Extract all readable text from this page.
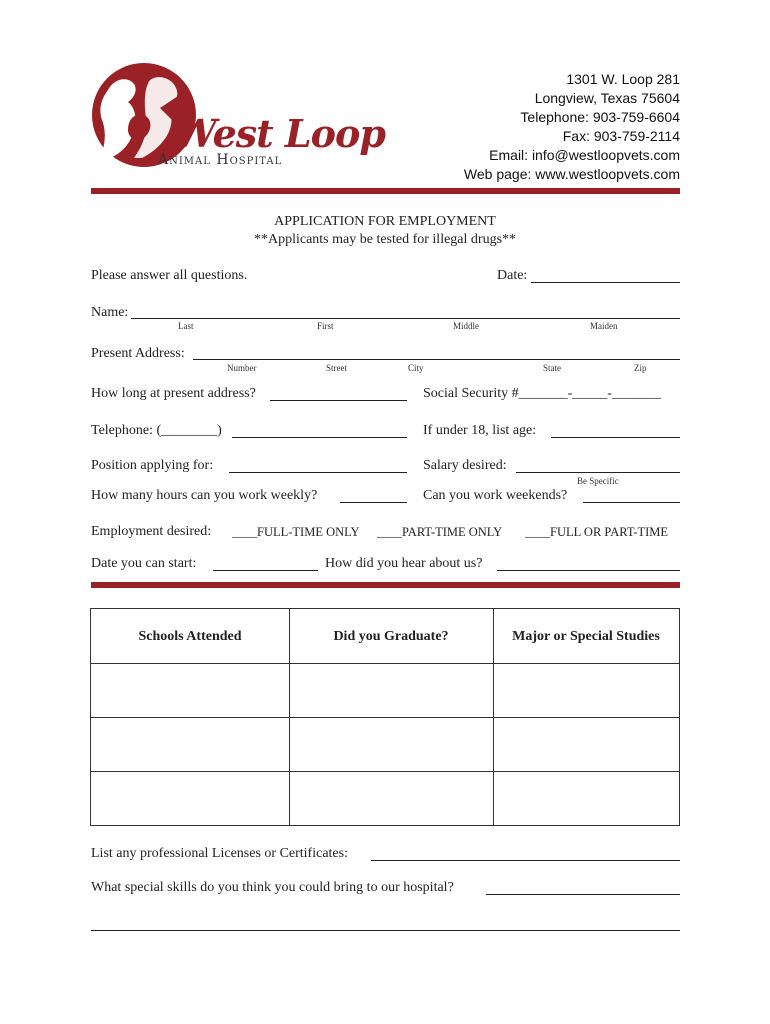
West Loop
Animal Hospital
1301 W. Loop 281
Longview, Texas 75604
Telephone: 903-759-6604
Fax: 903-759-2114
Email: info@westloopvets.com
Web page: www.westloopvets.com
APPLICATION FOR EMPLOYMENT
**Applicants may be tested for illegal drugs**
Please answer all questions.	Date:
Name:
Last	First	Middle	Maiden
Present Address:
Number	Street	City	State	Zip
How long at present address?	Social Security #_______-_____-_______
Telephone: (________)	If under 18, list age:
Position applying for:	Salary desired:
Be Specific
How many hours can you work weekly?	Can you work weekends?
Employment desired: ____FULL-TIME ONLY ____PART-TIME ONLY ____FULL OR PART-TIME
Date you can start:	How did you hear about us?
Schools Attended	Did you Graduate?	Major or Special Studies
List any professional Licenses or Certificates:
What special skills do you think you could bring to our hospital?
